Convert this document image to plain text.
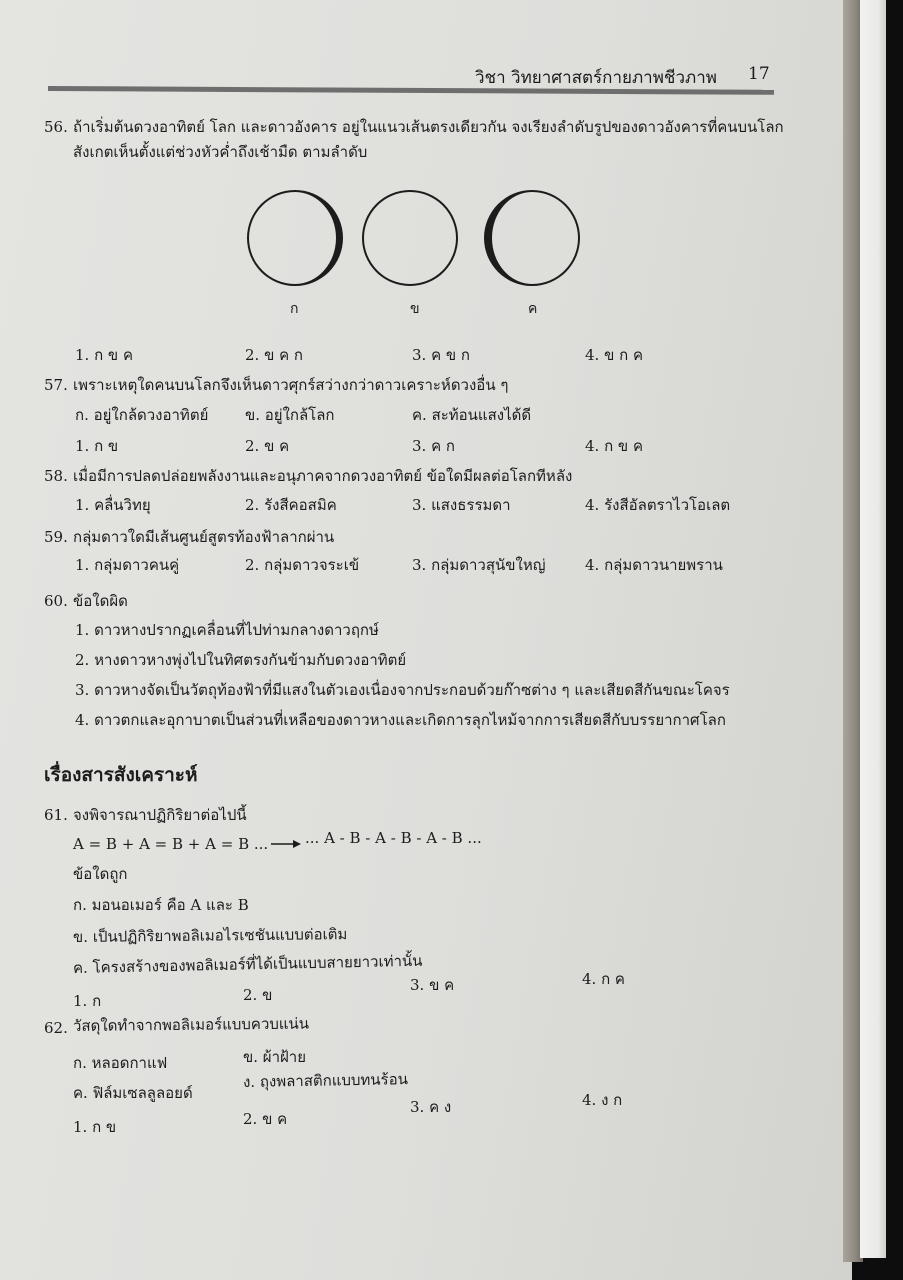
วิชา วิทยาศาสตร์กายภาพชีวภาพ 17
56. ถ้าเริ่มต้นดวงอาทิตย์ โลก และดาวอังคาร อยู่ในแนวเส้นตรงเดียวกัน จงเรียงลำดับรูปของดาวอังคารที่คนบนโลก
สังเกตเห็นตั้งแต่ช่วงหัวค่ำถึงเช้ามืด ตามลำดับ
ก	ข	ค
1. ก ข ค	2. ข ค ก	3. ค ข ก	4. ข ก ค
57. เพราะเหตุใดคนบนโลกจึงเห็นดาวศุกร์สว่างกว่าดาวเคราะห์ดวงอื่น ๆ
ก. อยู่ใกล้ดวงอาทิตย์ ข. อยู่ใกล้โลก	ค. สะท้อนแสงได้ดี
1. ก ข	2. ข ค	3. ค ก	4. ก ข ค
58. เมื่อมีการปลดปล่อยพลังงานและอนุภาคจากดวงอาทิตย์ ข้อใดมีผลต่อโลกทีหลัง
1. คลื่นวิทยุ	2. รังสีคอสมิค	3. แสงธรรมดา	4. รังสีอัลตราไวโอเลต
59. กลุ่มดาวใดมีเส้นศูนย์สูตรท้องฟ้าลากผ่าน
1. กลุ่มดาวคนคู่	2. กลุ่มดาวจระเข้	3. กลุ่มดาวสุนัขใหญ่	4. กลุ่มดาวนายพราน
60. ข้อใดผิด
1. ดาวหางปรากฏเคลื่อนที่ไปท่ามกลางดาวฤกษ์
2. หางดาวหางพุ่งไปในทิศตรงกันข้ามกับดวงอาทิตย์
3. ดาวหางจัดเป็นวัตถุท้องฟ้าที่มีแสงในตัวเองเนื่องจากประกอบด้วยก๊าซต่าง ๆ และเสียดสีกันขณะโคจร
4. ดาวตกและอุกาบาตเป็นส่วนที่เหลือของดาวหางและเกิดการลุกไหม้จากการเสียดสีกับบรรยากาศโลก
เรื่องสารสังเคราะห์
61. จงพิจารณาปฏิกิริยาต่อไปนี้
A = B + A = B + A = B ... → ... A - B - A - B - A - B ...
ข้อใดถูก
ก. มอนอเมอร์ คือ A และ B
ข. เป็นปฏิกิริยาพอลิเมอไรเซชันแบบต่อเติม
ค. โครงสร้างของพอลิเมอร์ที่ได้เป็นแบบสายยาวเท่านั้น
1. ก	2. ข
3. ข ค	4. ก ค
62. วัสดุใดทำจากพอลิเมอร์แบบควบแน่น
ก. หลอดกาแฟ	ข. ผ้าฝ้าย
ค. ฟิล์มเซลลูลอยด์
ง. ถุงพลาสติกแบบทนร้อน
1. ก ข	2. ข ค
3. ค ง	4. ง ก
